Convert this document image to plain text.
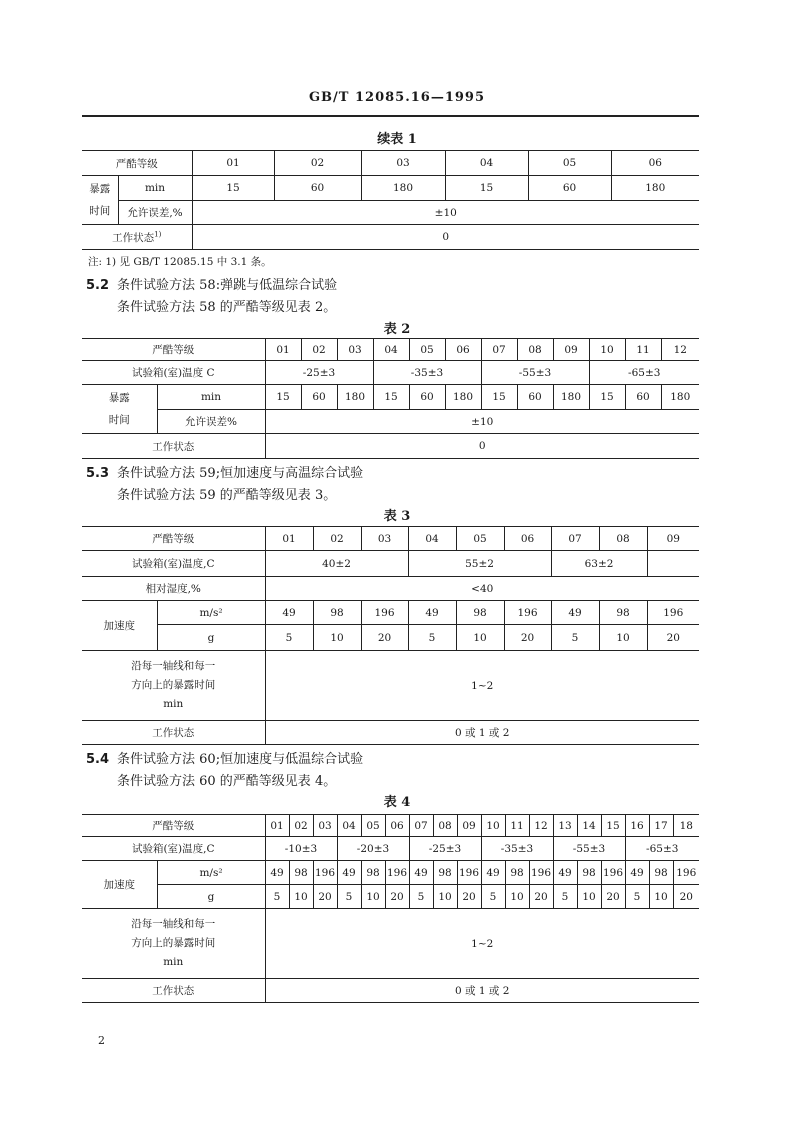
GB/T 12085.16—1995
续表 1
严酷等级		01	02	03	04	05	06

暴露
时间	min	15	60	180	15	60	180
	允许误差,%	±10					
工作状态$^{1)}$		0					
注: 1) 见 GB/T 12085.15 中 3.1 条。
5.2 条件试验方法 58:弹跳与低温综合试验
条件试验方法 58 的严酷等级见表 2。
表 2
严酷等级		01	02	03	04	05	06	07	08	09	10	11	12
试验箱(室)温度 C		-25±3			-35±3			-55±3			-65±3		

暴露
时间	min	15	60	180	15	60	180	15	60	180	15	60	180
	允许误差%	±10											
工作状态		0											
5.3 条件试验方法 59;恒加速度与高温综合试验
条件试验方法 59 的严酷等级见表 3。
表 3
严酷等级		01	02	03	04	05	06	07	08	09
试验箱(室)温度,C		40±2			55±2			63±2		
相对湿度,%		<40								
加速度	m/s²	49	98	196	49	98	196	49	98	196
	g	5	10	20	5	10	20	5	10	20

沿每一轴线和每一
方向上的暴露时间
min		1~2								
工作状态		0 或 1 或 2								
5.4 条件试验方法 60;恒加速度与低温综合试验
条件试验方法 60 的严酷等级见表 4。
表 4
严酷等级		01	02	03	04	05	06	07	08	09	10	11	12	13	14	15	16	17	18
试验箱(室)温度,C		-10±3			-20±3			-25±3			-35±3			-55±3			-65±3		
加速度	m/s²	49	98	196	49	98	196	49	98	196	49	98	196	49	98	196	49	98	196
	g	5	10	20	5	10	20	5	10	20	5	10	20	5	10	20	5	10	20

沿每一轴线和每一
方向上的暴露时间
min		1~2																	
工作状态		0 或 1 或 2																	
2
